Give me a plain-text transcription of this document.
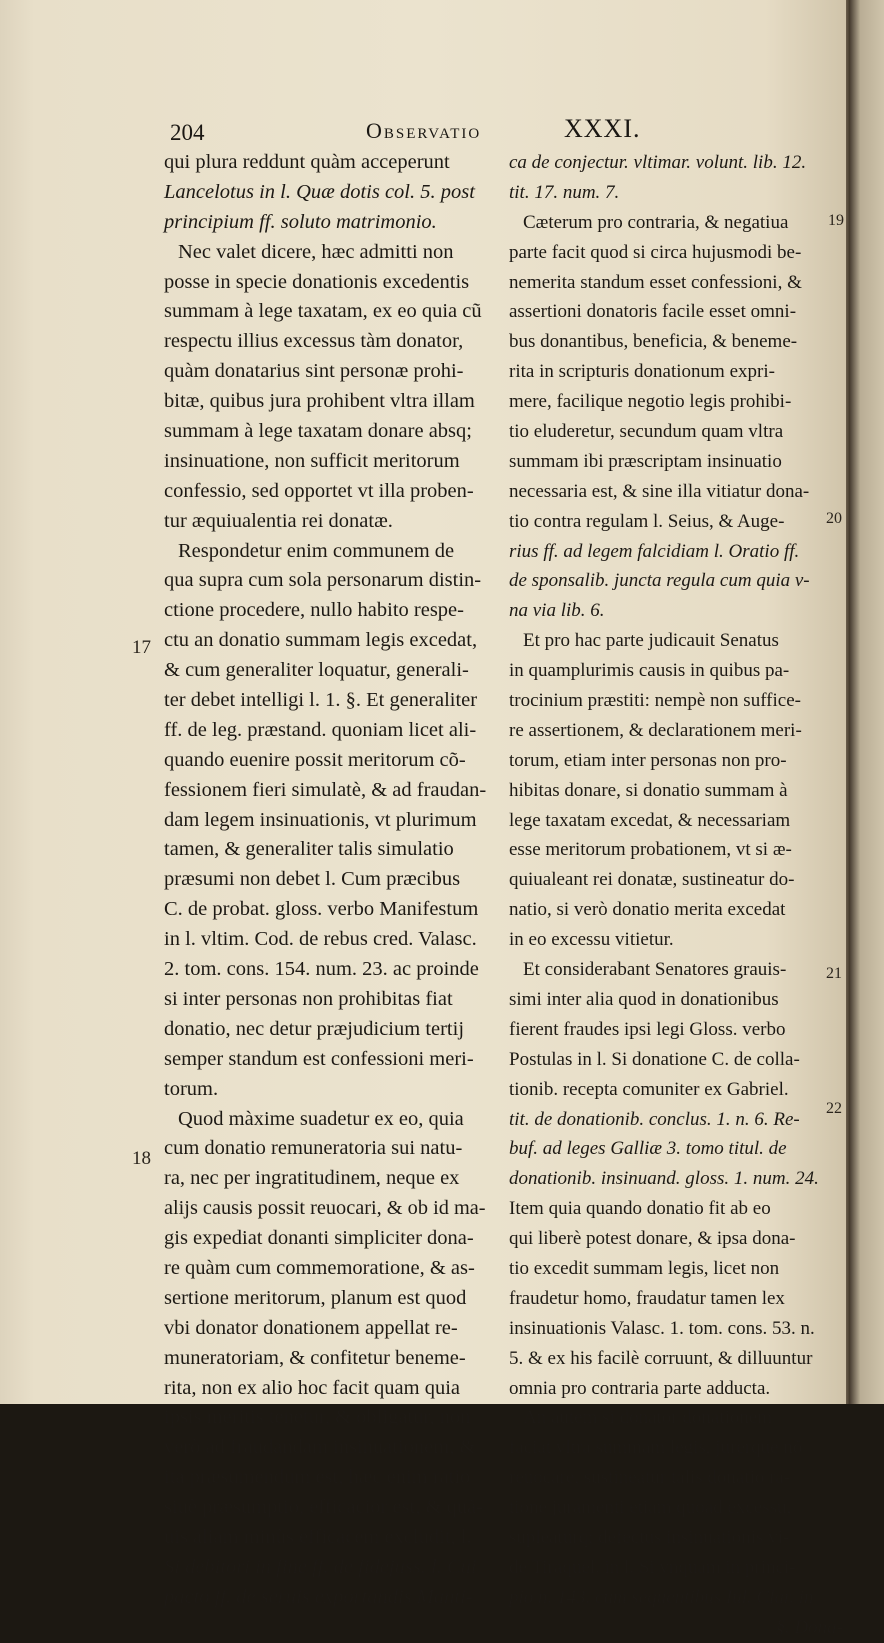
204	Observatio	XXXI.
qui plura reddunt quàm acceperunt
Lancelotus in l. Quæ dotis col. 5. post
principium ff. soluto matrimonio.
Nec valet dicere, hæc admitti non
posse in specie donationis excedentis
summam à lege taxatam, ex eo quia cũ
respectu illius excessus tàm donator,
quàm donatarius sint personæ prohi-
bitæ, quibus jura prohibent vltra illam
summam à lege taxatam donare absq;
insinuatione, non sufficit meritorum
confessio, sed opportet vt illa proben-
tur æquiualentia rei donatæ.
Respondetur enim communem de
qua supra cum sola personarum distin-
ctione procedere, nullo habito respe-
ctu an donatio summam legis excedat,
& cum generaliter loquatur, generali-
ter debet intelligi l. 1. §. Et generaliter
ff. de leg. præstand. quoniam licet ali-
quando euenire possit meritorum cõ-
fessionem fieri simulatè, & ad fraudan-
dam legem insinuationis, vt plurimum
tamen, & generaliter talis simulatio
præsumi non debet l. Cum præcibus
C. de probat. gloss. verbo Manifestum
in l. vltim. Cod. de rebus cred. Valasc.
2. tom. cons. 154. num. 23. ac proinde
si inter personas non prohibitas fiat
donatio, nec detur præjudicium tertij
semper standum est confessioni meri-
torum.
Quod màxime suadetur ex eo, quia
cum donatio remuneratoria sui natu-
ra, nec per ingratitudinem, neque ex
alijs causis possit reuocari, & ob id ma-
gis expediat donanti simpliciter dona-
re quàm cum commemoratione, & as-
sertione meritorum, planum est quod
vbi donator donationem appellat re-
muneratoriam, & confitetur beneme-
rita, non ex alio hoc facit quam quia
ipsis meritis tenetur, & obligatur, non
verò ad fraudandam insinuationem, &
ita præsumendum est, hæc enim ratio
siuè præsumptio, efficacior est, & quã-
uis aliam minùs efficacem excludit, l.
Si debitori in fine ff. de fidejuss. l. Cui
pacto ff. de seruis exportandis Manti-
ca de conjectur. vltimar. volunt. lib. 12.
tit. 17. num. 7.
Cæterum pro contraria, & negatiua
parte facit quod si circa hujusmodi be-
nemerita standum esset confessioni, &
assertioni donatoris facile esset omni-
bus donantibus, beneficia, & beneme-
rita in scripturis donationum expri-
mere, facilique negotio legis prohibi-
tio eluderetur, secundum quam vltra
summam ibi præscriptam insinuatio
necessaria est, & sine illa vitiatur dona-
tio contra regulam l. Seius, & Auge-
rius ff. ad legem falcidiam l. Oratio ff.
de sponsalib. juncta regula cum quia v-
na via lib. 6.
Et pro hac parte judicauit Senatus
in quamplurimis causis in quibus pa-
trocinium præstiti: nempè non suffice-
re assertionem, & declarationem meri-
torum, etiam inter personas non pro-
hibitas donare, si donatio summam à
lege taxatam excedat, & necessariam
esse meritorum probationem, vt si æ-
quiualeant rei donatæ, sustineatur do-
natio, si verò donatio merita excedat
in eo excessu vitietur.
Et considerabant Senatores grauis-
simi inter alia quod in donationibus
fierent fraudes ipsi legi Gloss. verbo
Postulas in l. Si donatione C. de colla-
tionib. recepta comuniter ex Gabriel.
tit. de donationib. conclus. 1. n. 6. Re-
buf. ad leges Galliæ 3. tomo titul. de
donationib. insinuand. gloss. 1. num. 24.
Item quia quando donatio fit ab eo
qui liberè potest donare, & ipsa dona-
tio excedit summam legis, licet non
fraudetur homo, fraudatur tamen lex
insinuationis Valasc. 1. tom. cons. 53. n.
5. & ex his facilè corruunt, & dilluuntur
omnia pro contraria parte adducta.
An autem si donator donationem
faciat vltra summam legis, jurerque nõ
reuocare, sustineatur talis donatio ra-
tione juramenti etiam quoad excessu,
supleaturq; defectus insinuationis vi-
de Tiraquel. in l. Si vnquam in princi-
pio n. 143. cum sequentibus Iul. Clar. in
§. Dona-
17
18
19
20
21
22
